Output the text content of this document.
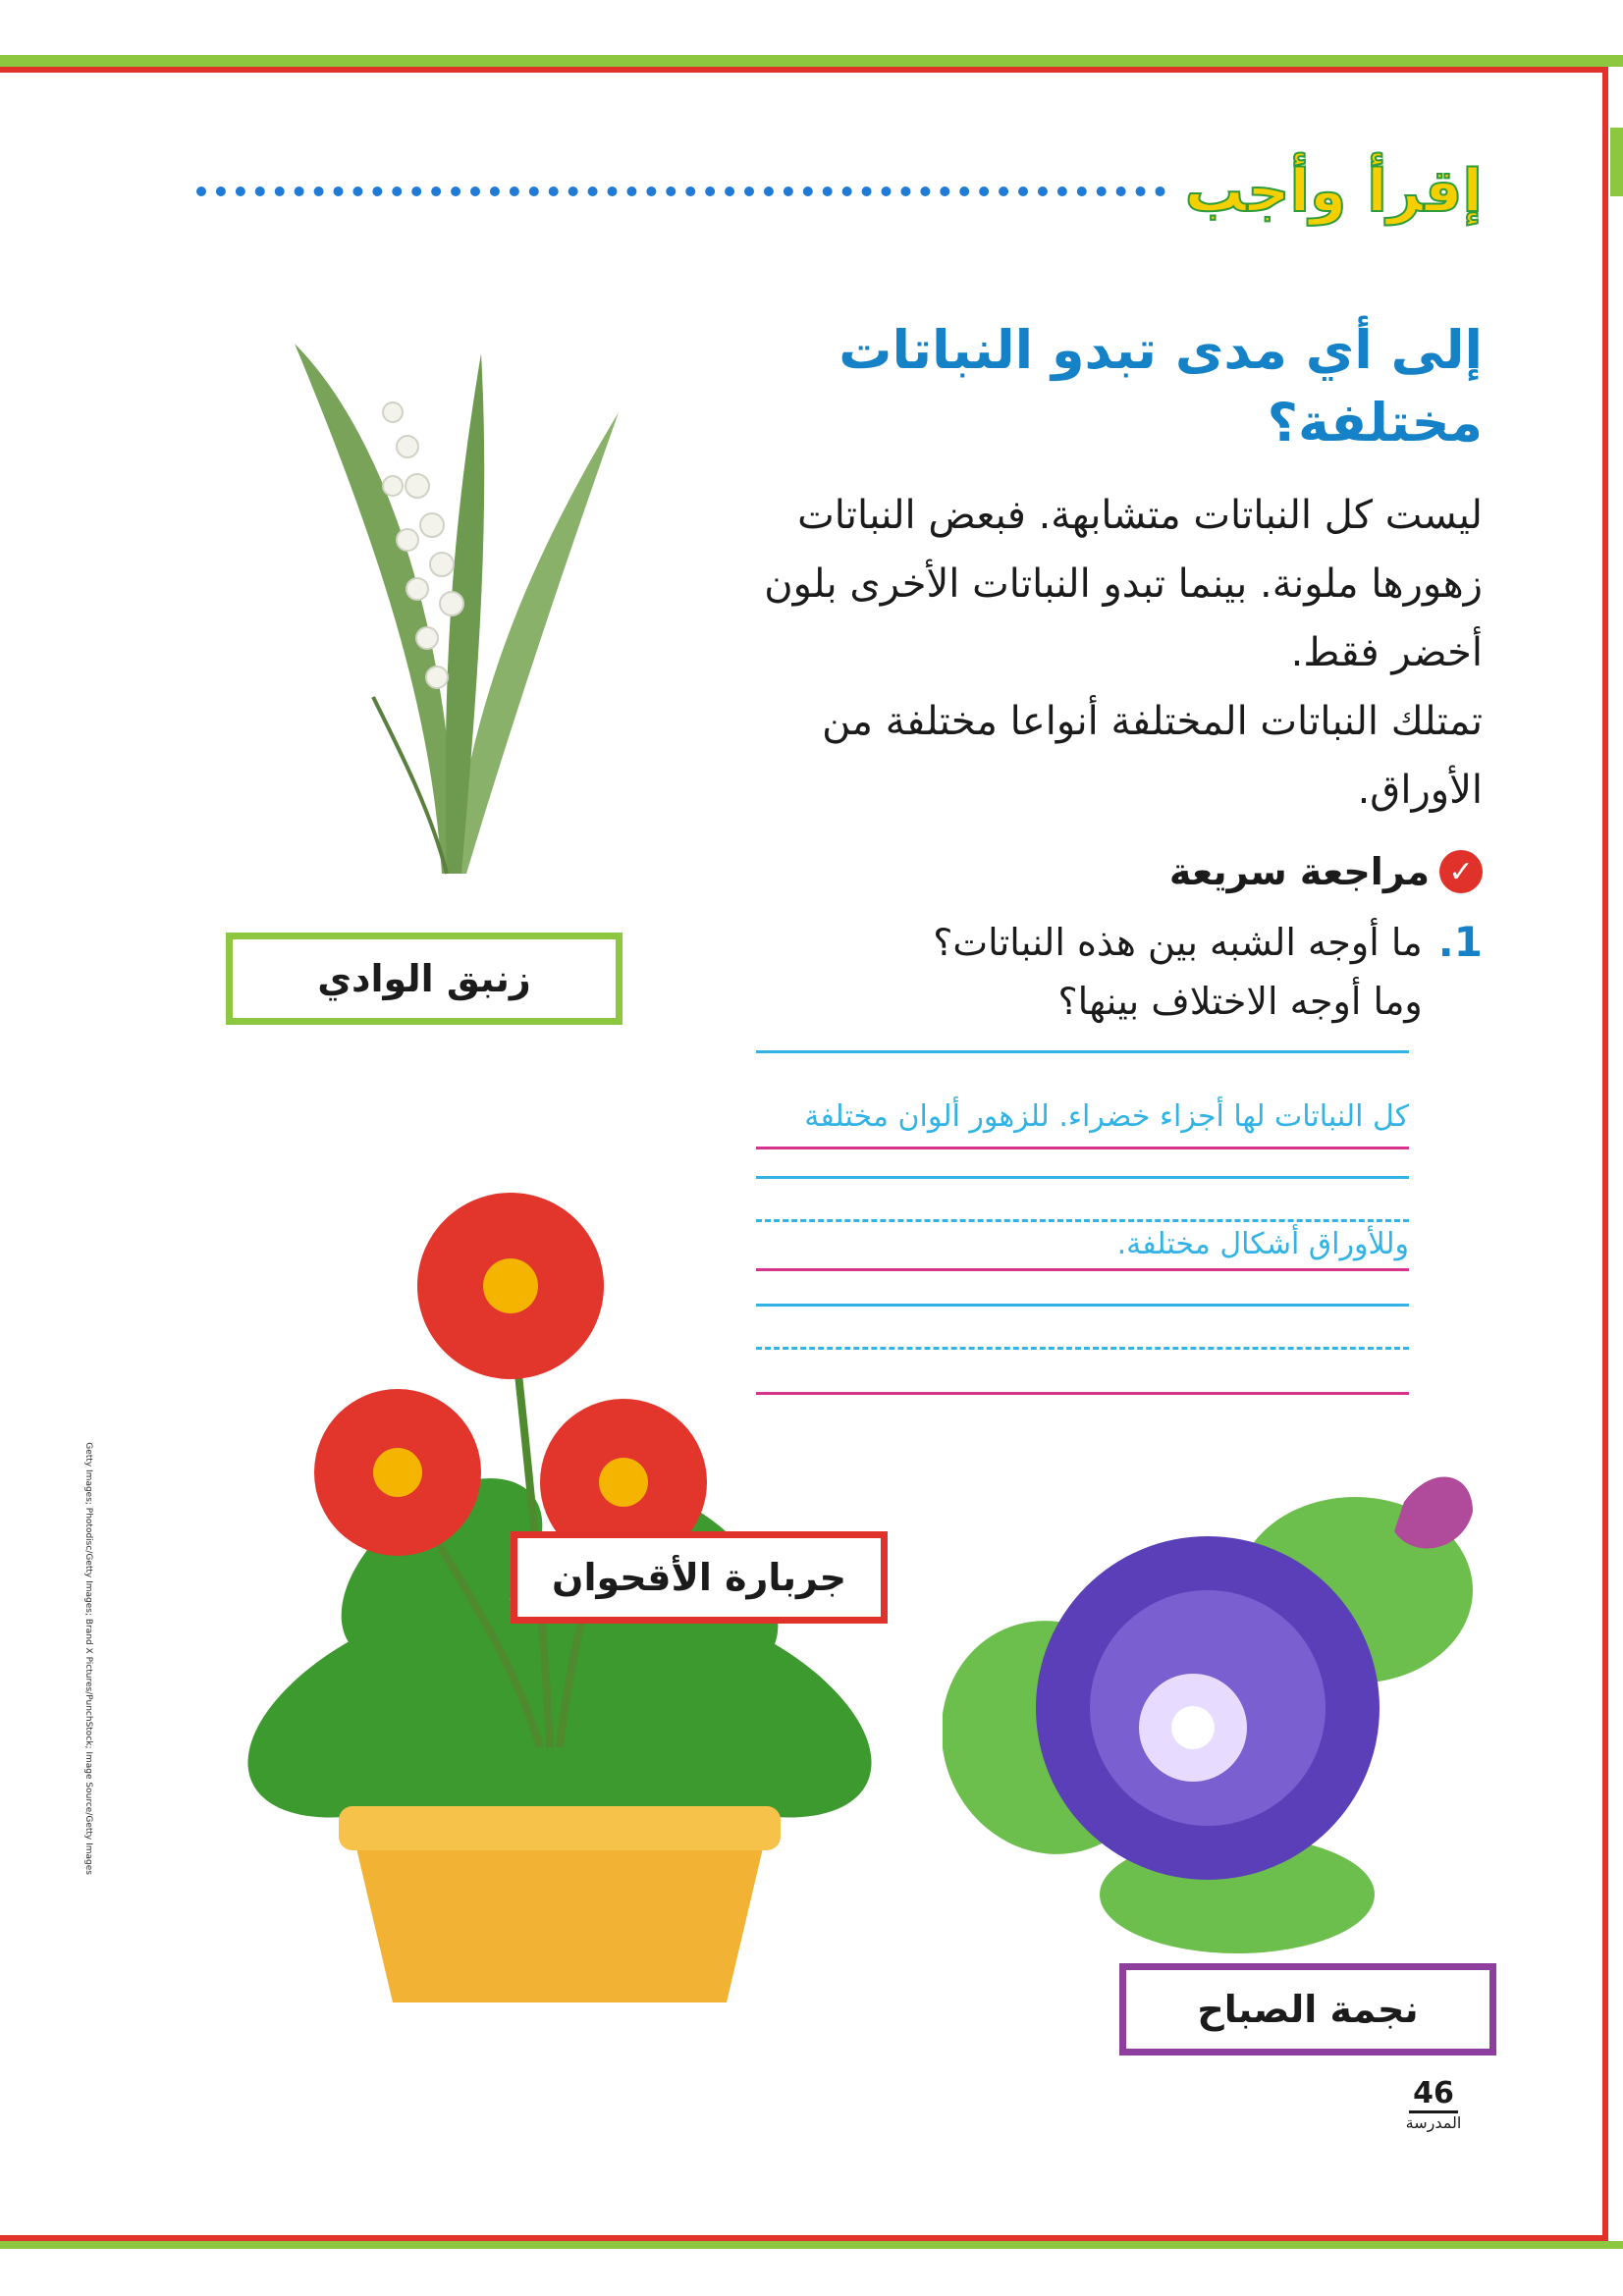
إقرأ وأجب
إلى أي مدى تبدو النباتات مختلفة؟
ليست كل النباتات متشابهة. فبعض النباتات زهورها ملونة. بينما تبدو النباتات الأخرى بلون أخضر فقط.
تمتلك النباتات المختلفة أنواعا مختلفة من الأوراق.
✓
مراجعة سريعة
1.
ما أوجه الشبه بين هذه النباتات؟ وما أوجه الاختلاف بينها؟
كل النباتات لها أجزاء خضراء. للزهور ألوان مختلفة
وللأوراق أشكال مختلفة.
زنبق الوادي
جربارة الأقحوان
نجمة الصباح
Getty Images; Photodisc/Getty Images; Brand X Pictures/PunchStock; Image Source/Getty Images
46
المدرسة
